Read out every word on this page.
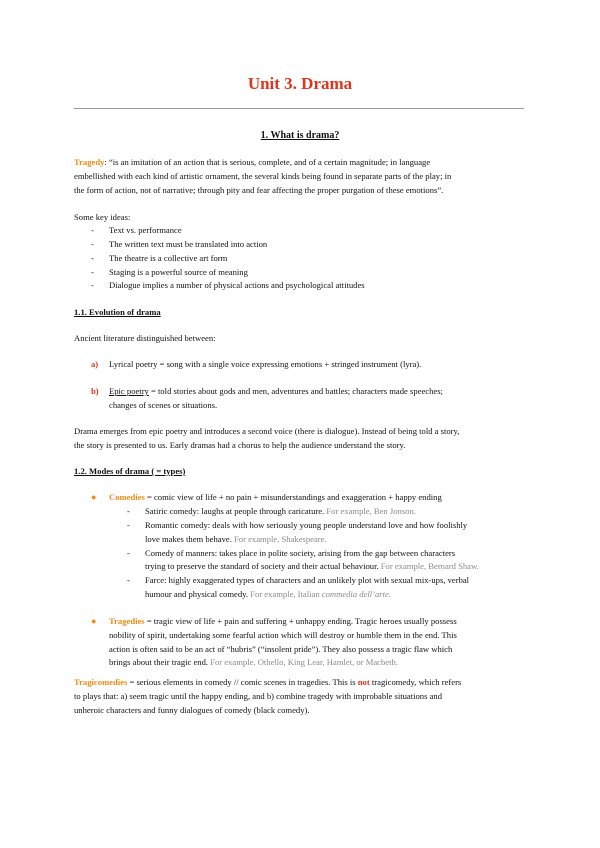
Unit 3. Drama
1. What is drama?
Tragedy: “is an imitation of an action that is serious, complete, and of a certain magnitude; in language
embellished with each kind of artistic ornament, the several kinds being found in separate parts of the play; in
the form of action, not of narrative; through pity and fear affecting the proper purgation of these emotions”.
Some key ideas:
- Text vs. performance
- The written text must be translated into action
- The theatre is a collective art form
- Staging is a powerful source of meaning
- Dialogue implies a number of physical actions and psychological attitudes
1.1. Evolution of drama
Ancient literature distinguished between:
a) Lyrical poetry = song with a single voice expressing emotions + stringed instrument (lyra).
b) Epic poetry = told stories about gods and men, adventures and battles; characters made speeches;
changes of scenes or situations.
Drama emerges from epic poetry and introduces a second voice (there is dialogue). Instead of being told a story,
the story is presented to us. Early dramas had a chorus to help the audience understand the story.
1.2. Modes of drama ( = types)
● Comedies = comic view of life + no pain + misunderstandings and exaggeration + happy ending
- Satiric comedy: laughs at people through caricature. For example, Ben Jonson.
- Romantic comedy: deals with how seriously young people understand love and how foolishly
love makes them behave. For example, Shakespeare.
- Comedy of manners: takes place in polite society, arising from the gap between characters
trying to preserve the standard of society and their actual behaviour. For example, Bernard Shaw.
- Farce: highly exaggerated types of characters and an unlikely plot with sexual mix-ups, verbal
humour and physical comedy. For example, Italian commedia dell’arte.
● Tragedies = tragic view of life + pain and suffering + unhappy ending. Tragic heroes usually possess
nobility of spirit, undertaking some fearful action which will destroy or humble them in the end. This
action is often said to be an act of “hubris” (“insolent pride”). They also possess a tragic flaw which
brings about their tragic end. For example, Othello, King Lear, Hamlet, or Macbeth.
Tragicomedies = serious elements in comedy // comic scenes in tragedies. This is not tragicomedy, which refers
to plays that: a) seem tragic until the happy ending, and b) combine tragedy with improbable situations and
unheroic characters and funny dialogues of comedy (black comedy).
